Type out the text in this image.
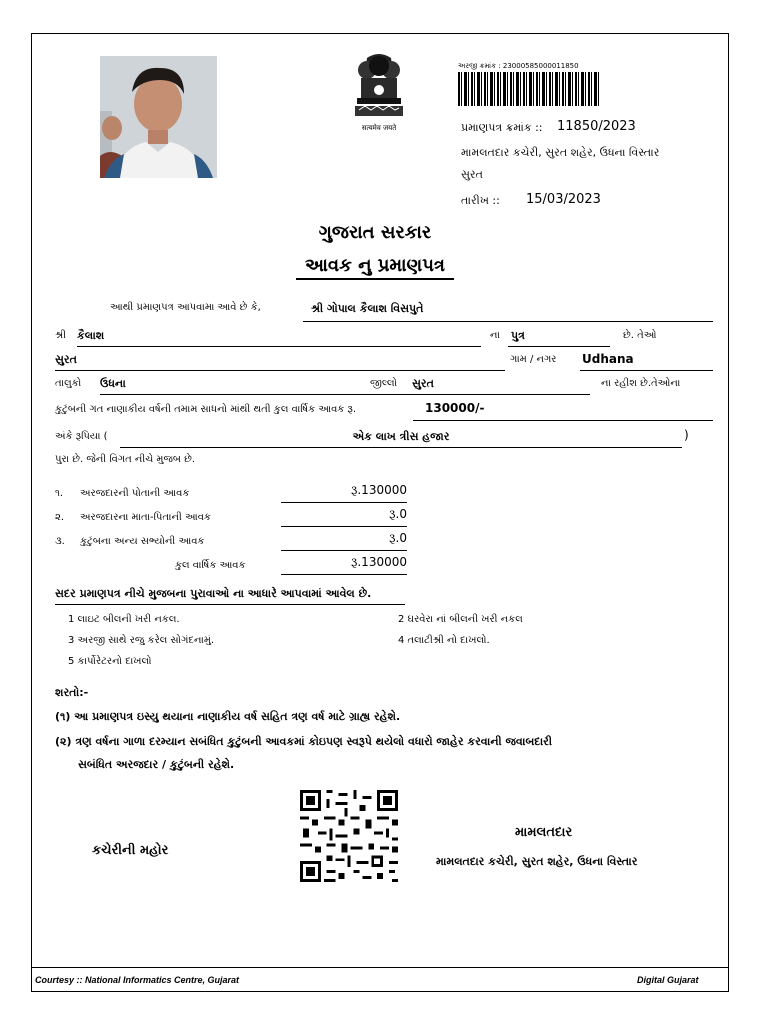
सत्यमेव जयते
અરજી ક્રમાંક : 23000585000011850
પ્રમાણપત્ર ક્રમાંક :: 11850/2023
મામલતદાર કચેરી, સુરત શહેર, ઉધના વિસ્તાર
સુરત
તારીખ :: 15/03/2023
ગુજરાત સરકાર
આવક નુ પ્રમાણપત્ર
આથી પ્રમાણપત્ર આપવામા આવે છે કે,	શ્રી ગોપાલ કૈલાશ વિસપુતે
શ્રી કૈલાશ	ના પુત્ર	છે. તેઓ
સુરત	ગામ / નગર Udhana
તાલુકો ઉધના	જીલ્લો સુરત	ના રહીશ છે.તેઓના
કુટુંબની ગત નાણાકીય વર્ષની તમામ સાધનો માંથી થતી કુલ વાર્ષિક આવક રૂ.	130000/-
અંકે રૂપિયા (	એક લાખ ત્રીસ હજાર	)
પુરા છે. જેની વિગત નીચે મુજબ છે.
૧. અરજદારની પોતાની આવક	રૂ.130000
૨. અરજદારના માતા-પિતાની આવક	રૂ.0
૩. કુટુંબના અન્ય સભ્યોની આવક	રૂ.0
કુલ વાર્ષિક આવક	રૂ.130000
સદર પ્રમાણપત્ર નીચે મુજબના પુરાવાઓ ના આધારે આપવામાં આવેલ છે.
1 લાઇટ બીલની ખરી નકલ.	2 ઘરવેરા નાં બીલની ખરી નકલ
3 અરજી સાથે રજુ કરેલ સોગંદનામું.	4 તલાટીશ્રી નો દાખલો.
5 કાર્પોરેટરનો દાખલો
શરતો:-
(૧) આ પ્રમાણપત્ર ઇસ્યુ થયાના નાણાકીય વર્ષ સહિત ત્રણ વર્ષ માટે ગ્રાહ્ય રહેશે.
(૨) ત્રણ વર્ષના ગાળા દરમ્યાન સબંધિત કુટુંબની આવકમાં કોઇપણ સ્વરૂપે થયેલો વધારો જાહેર કરવાની જવાબદારી
સબંધિત અરજદાર / કુટુંબની રહેશે.
કચેરીની મહોર
મામલતદાર
મામલતદાર કચેરી, સુરત શહેર, ઉધના વિસ્તાર
Courtesy :: National Informatics Centre, Gujarat	Digital Gujarat
